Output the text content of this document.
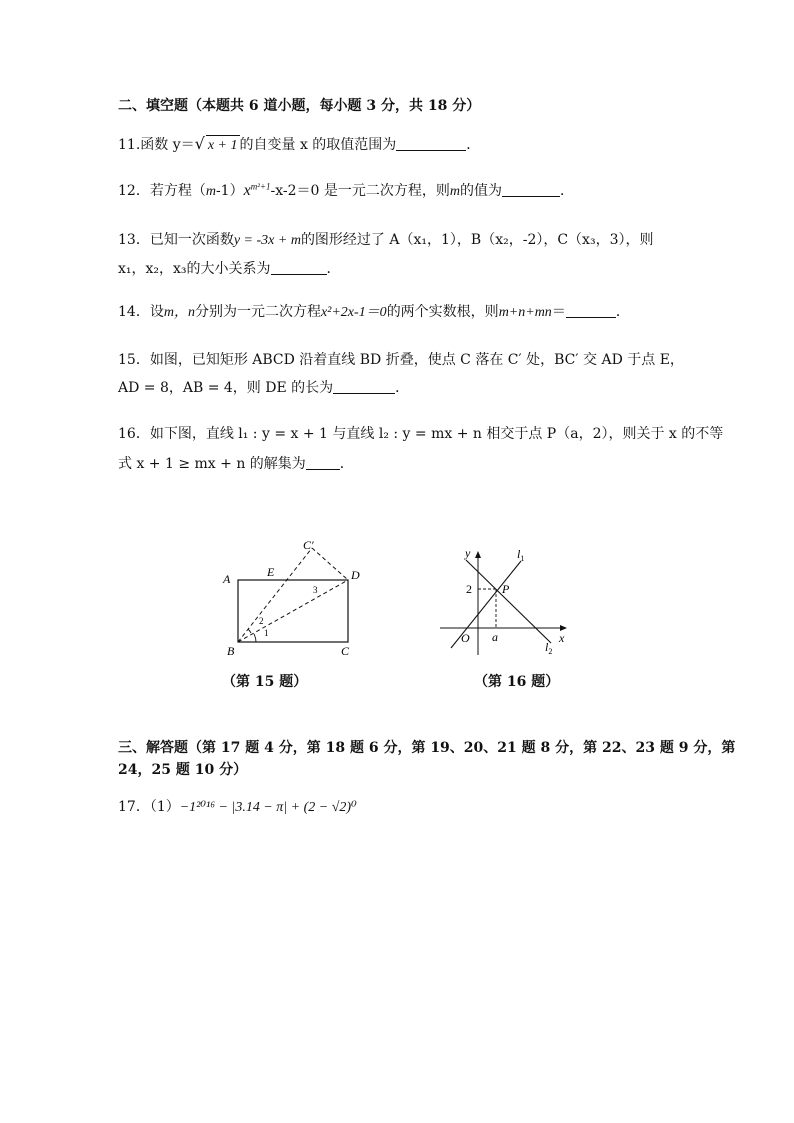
二、填空题（本题共 6 道小题，每小题 3 分，共 18 分）
11.函数 y＝√ x + 1 的自变量 x 的取值范围为	．
12．若方程$(m-1)x^{m^2+1}-x-2=0$ 是一元二次方程，则m的值为	．
13．已知一次函数y = -3x + m的图形经过了 A（x₁，1），B（x₂，-2），C（x₃，3），则
x₁，x₂，x₃的大小关系为	．
14．设m，n分别为一元二次方程x²+2x-1＝0的两个实数根，则m+n+mn＝	．
15．如图，已知矩形 ABCD 沿着直线 BD 折叠，使点 C 落在 C′ 处，BC′ 交 AD 于点 E，
AD = 8，AB = 4，则 DE 的长为	．
16．如下图，直线 l₁ : y = x + 1 与直线 l₂ : y = mx + n 相交于点 P（a，2），则关于 x 的不等
式 x + 1 ≥ mx + n 的解集为 ．
C′
A	E	D
3
2
1
B	C
（第 15 题）
y	$l_1$
2	P
O a	x
$l_2$
（第 16 题）
三、解答题（第 17 题 4 分，第 18 题 6 分，第 19、20、21 题 8 分，第 22、23 题 9 分，第
24，25 题 10 分）
17．（1）−1²⁰¹⁶ − |3.14 − π| + (2 − √2)⁰
